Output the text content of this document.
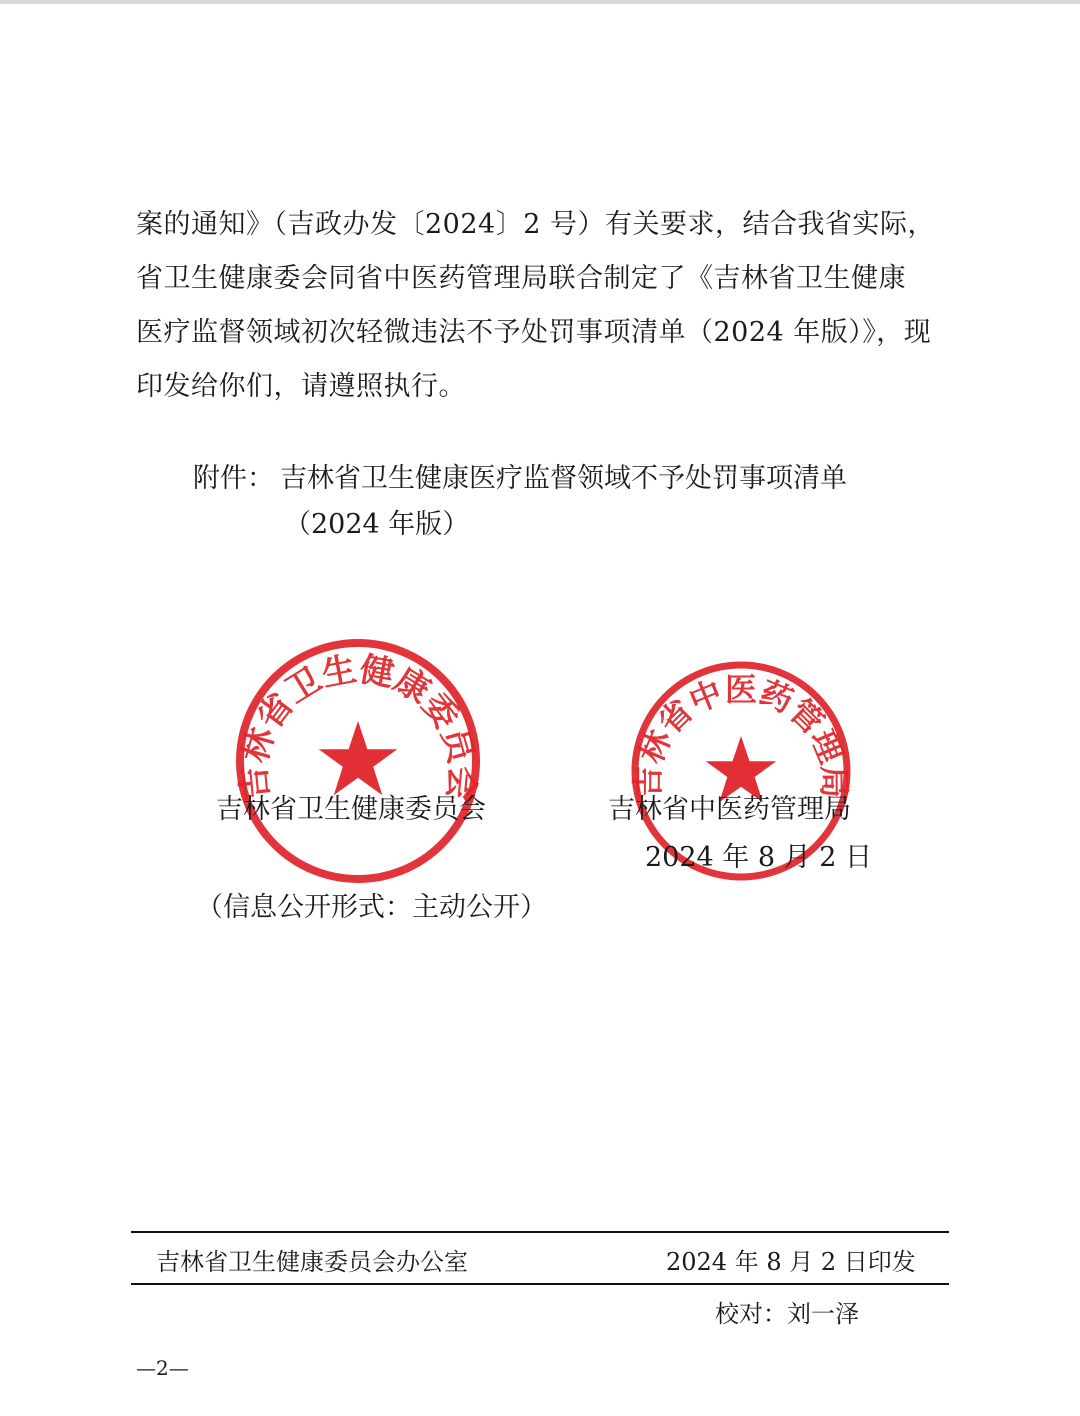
案的通知》（吉政办发〔2024〕2 号）有关要求，结合我省实际，
省卫生健康委会同省中医药管理局联合制定了《吉林省卫生健康
医疗监督领域初次轻微违法不予处罚事项清单（2024 年版）》，现
印发给你们，请遵照执行。
附件： 吉林省卫生健康医疗监督领域不予处罚事项清单
（2024 年版）
吉林省卫生健康委员会	吉林省中医药管理局
吉林省卫生健康委员会	吉林省中医药管理局
2024 年 8 月 2 日
（信息公开形式：主动公开）
吉林省卫生健康委员会办公室	2024 年 8 月 2 日印发
校对：刘一泽
—2—
